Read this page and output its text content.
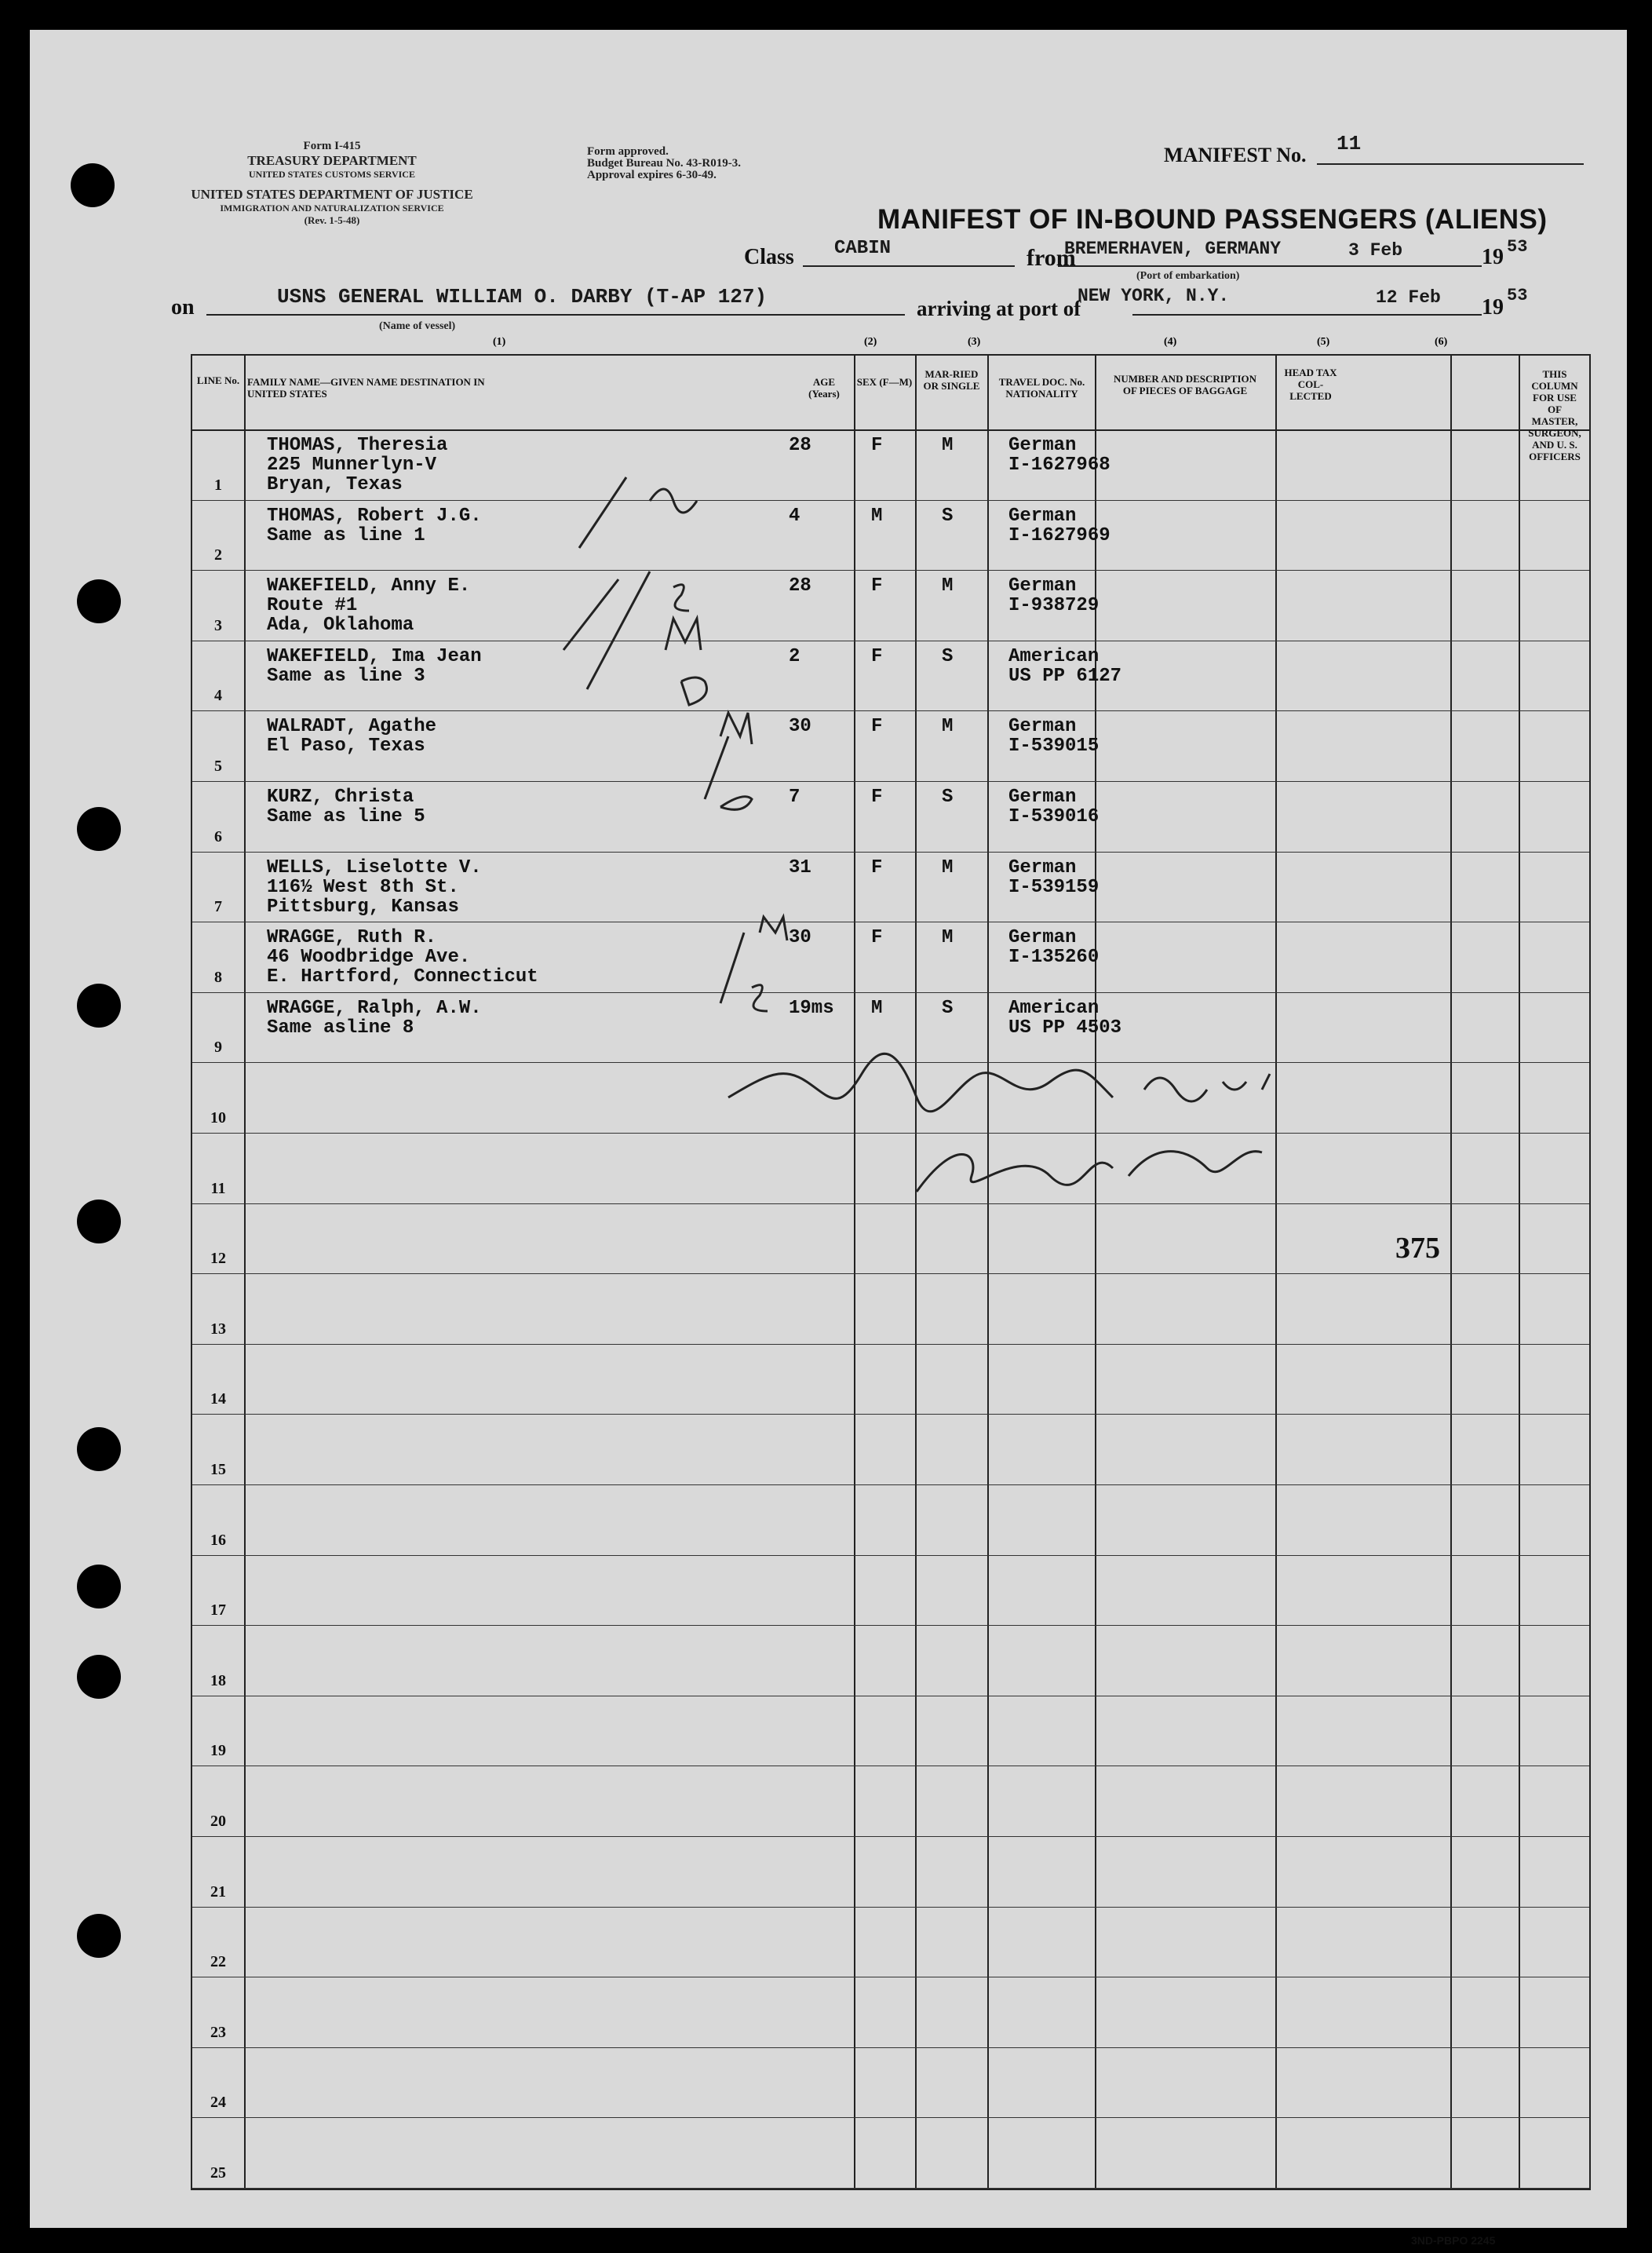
Form I-415
TREASURY DEPARTMENT
UNITED STATES CUSTOMS SERVICE
UNITED STATES DEPARTMENT OF JUSTICE
IMMIGRATION AND NATURALIZATION SERVICE
(Rev. 1-5-48)
Form approved.
Budget Bureau No. 43-R019-3.
Approval expires 6-30-49.
MANIFEST No. 11
MANIFEST OF IN-BOUND PASSENGERS (ALIENS)
Class CABIN	from
BREMERHAVEN, GERMANY	3 Feb	19 53
(Port of embarkation)
on	USNS GENERAL WILLIAM O. DARBY (T-AP 127)
(Name of vessel)
arriving at port of
NEW YORK, N.Y.	12 Feb 19 53
(1)	(2)	(3)	(4)	(5)	(6)
LINE No. FAMILY NAME—GIVEN NAME DESTINATION IN UNITED STATES
AGE (Years)
SEX (F—M)
MAR-RIED OR SINGLE	TRAVEL DOC. No. NATIONALITY
NUMBER AND DESCRIPTION OF PIECES OF BAGGAGE
HEAD TAX COL-LECTED
THIS COLUMN FOR USE OF MASTER, SURGEON, AND U. S. OFFICERS
1
THOMAS, Theresia
225 Munnerlyn-V
Bryan, Texas
28	F	M	German
I-1627968
2
THOMAS, Robert J.G.
Same as line 1
4	M	S	German
I-1627969
3
WAKEFIELD, Anny E.
Route #1
Ada, Oklahoma
28	F	M	German
I-938729
4
WAKEFIELD, Ima Jean
Same as line 3
2	F	S	American
US PP 6127
5
WALRADT, Agathe
El Paso, Texas
30	F	M	German
I-539015
6
KURZ, Christa
Same as line 5
7	F	S	German
I-539016
7
WELLS, Liselotte V.
116½ West 8th St.
Pittsburg, Kansas
31	F	M	German
I-539159
8
WRAGGE, Ruth R.
46 Woodbridge Ave.
E. Hartford, Connecticut
30	F	M	German
I-135260
9
WRAGGE, Ralph, A.W.
Same asline 8
19ms M	S	American
US PP 4503
10
11
12
13
14
15
16
17
18
19
20
21
22
23
24
25
375
3ND-PBPO 2245
